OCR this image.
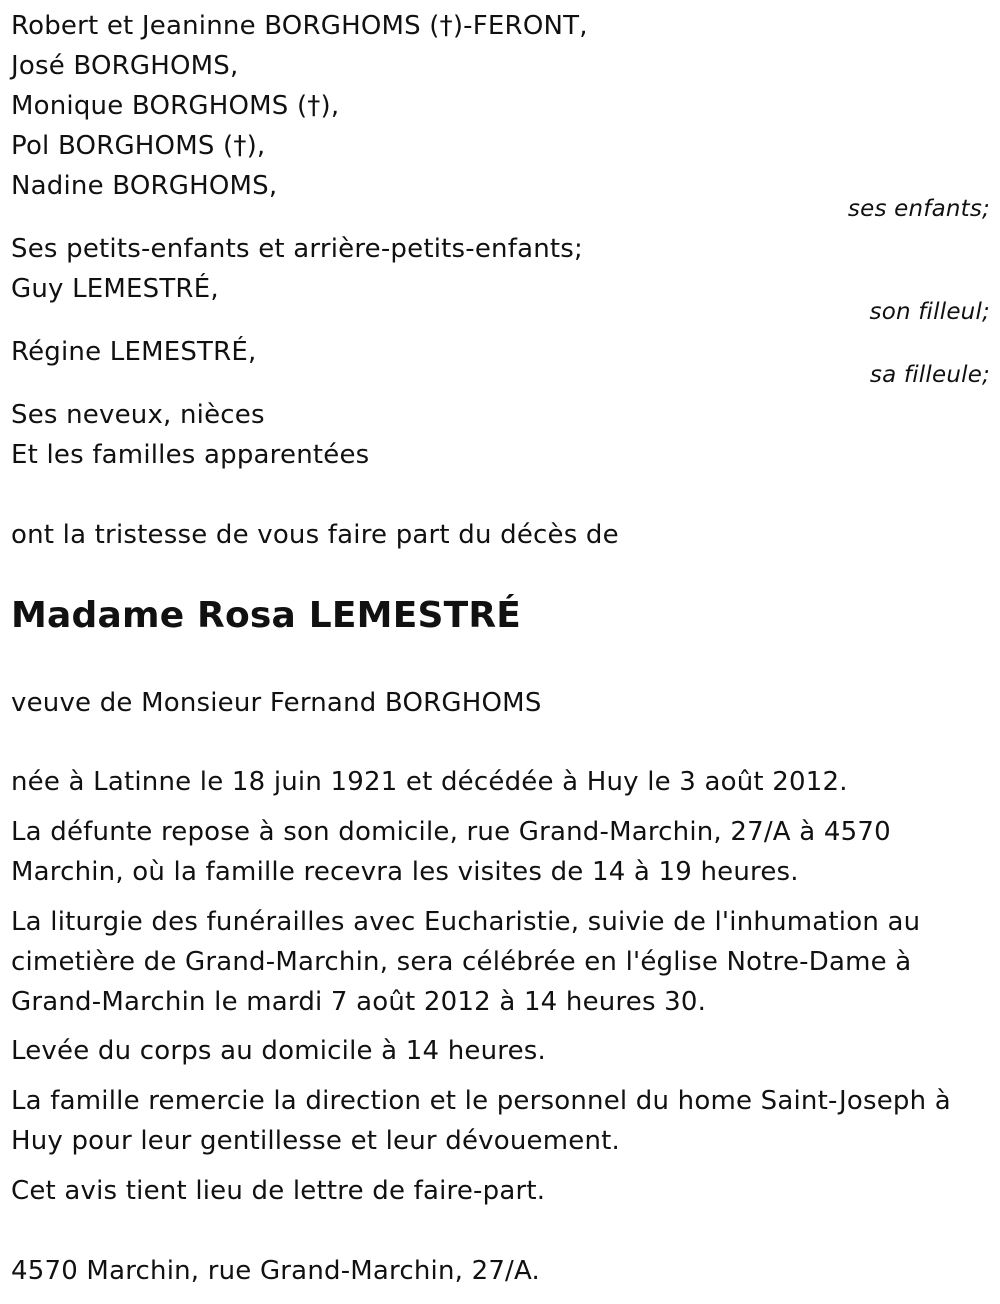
Robert et Jeaninne BORGHOMS (†)-FERONT,
José BORGHOMS,
Monique BORGHOMS (†),
Pol BORGHOMS (†),
Nadine BORGHOMS,
ses enfants;
Ses petits-enfants et arrière-petits-enfants;
Guy LEMESTRÉ,
son filleul;
Régine LEMESTRÉ,
sa filleule;
Ses neveux, nièces
Et les familles apparentées
ont la tristesse de vous faire part du décès de
Madame Rosa LEMESTRÉ
veuve de Monsieur Fernand BORGHOMS
née à Latinne le 18 juin 1921 et décédée à Huy le 3 août 2012.
La défunte repose à son domicile, rue Grand-Marchin, 27/A à 4570 Marchin, où la famille recevra les visites de 14 à 19 heures.
La liturgie des funérailles avec Eucharistie, suivie de l'inhumation au cimetière de Grand-Marchin, sera célébrée en l'église Notre-Dame à Grand-Marchin le mardi 7 août 2012 à 14 heures 30.
Levée du corps au domicile à 14 heures.
La famille remercie la direction et le personnel du home Saint-Joseph à Huy pour leur gentillesse et leur dévouement.
Cet avis tient lieu de lettre de faire-part.
4570 Marchin, rue Grand-Marchin, 27/A.
